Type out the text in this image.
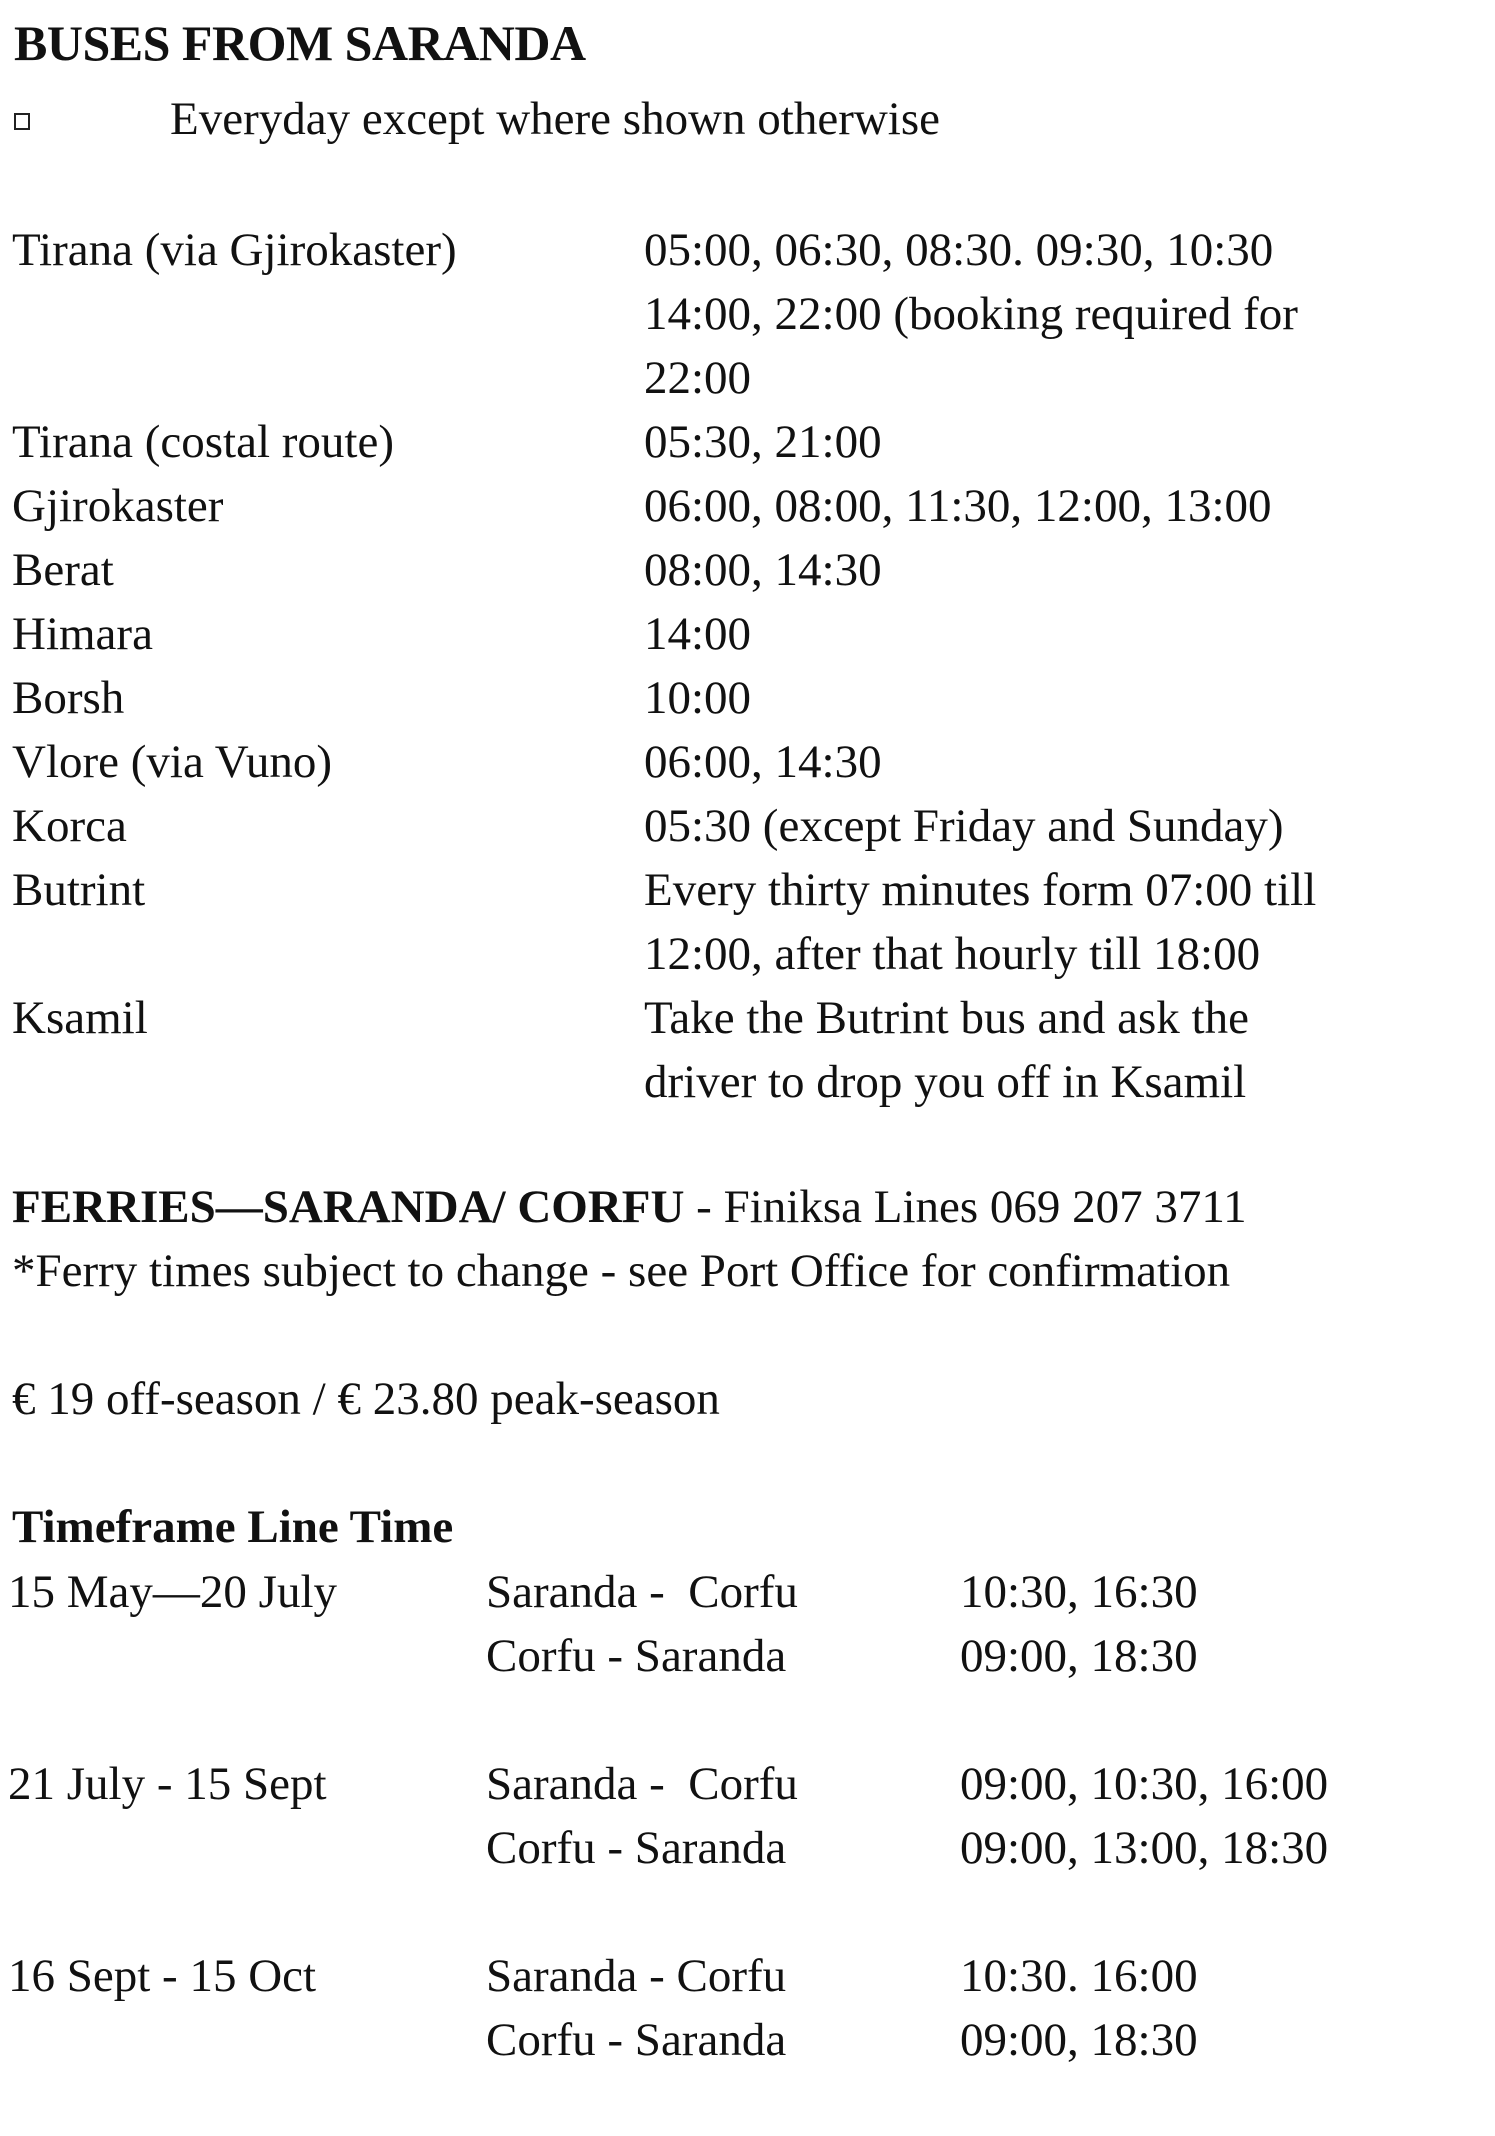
BUSES FROM SARANDA
Everyday except where shown otherwise
Tirana (via Gjirokaster)	05:00, 06:30, 08:30. 09:30, 10:30
14:00, 22:00 (booking required for
22:00
Tirana (costal route)	05:30, 21:00
Gjirokaster	06:00, 08:00, 11:30, 12:00, 13:00
Berat	08:00, 14:30
Himara	14:00
Borsh	10:00
Vlore (via Vuno)	06:00, 14:30
Korca	05:30 (except Friday and Sunday)
Butrint	Every thirty minutes form 07:00 till
12:00, after that hourly till 18:00
Ksamil	Take the Butrint bus and ask the
driver to drop you off in Ksamil
FERRIES—SARANDA/ CORFU - Finiksa Lines 069 207 3711
*Ferry times subject to change - see Port Office for confirmation
€ 19 off-season / € 23.80 peak-season
Timeframe Line Time
15 May—20 July	Saranda -  Corfu	10:30, 16:30
Corfu - Saranda	09:00, 18:30
21 July - 15 Sept	Saranda -  Corfu	09:00, 10:30, 16:00
Corfu - Saranda	09:00, 13:00, 18:30
16 Sept - 15 Oct	Saranda - Corfu	10:30. 16:00
Corfu - Saranda	09:00, 18:30
